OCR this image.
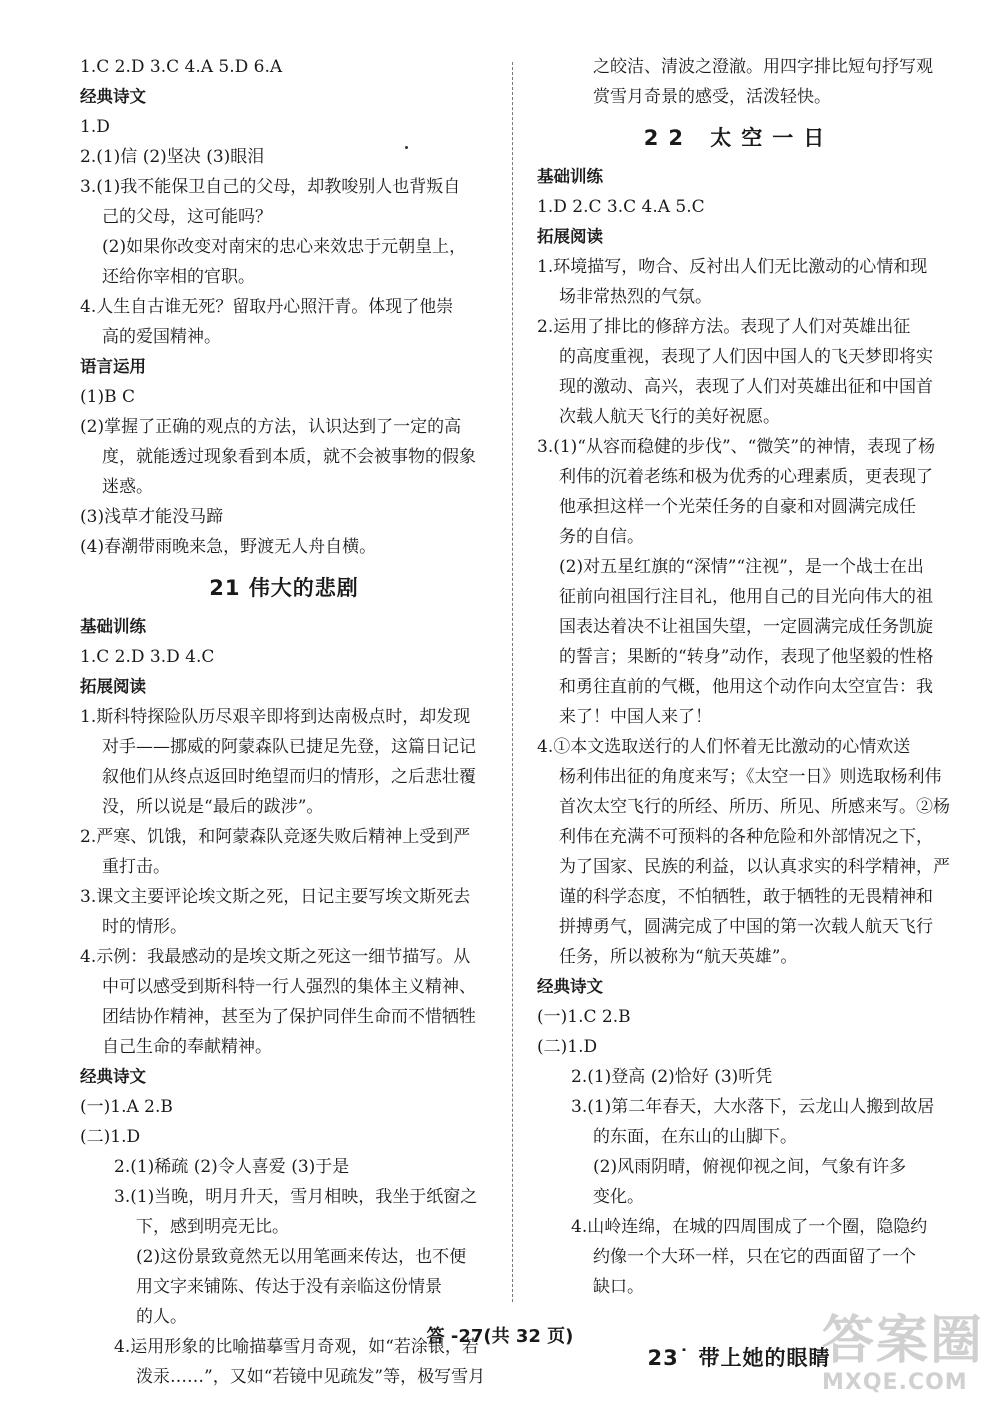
1.C 2.D 3.C 4.A 5.D 6.A
经典诗文
1.D
2.(1)信 (2)坚决 (3)眼泪
3.(1)我不能保卫自己的父母，却教唆别人也背叛自
己的父母，这可能吗？
(2)如果你改变对南宋的忠心来效忠于元朝皇上，
还给你宰相的官职。
4.人生自古谁无死？留取丹心照汗青。体现了他崇
高的爱国精神。
语言运用
(1)B C
(2)掌握了正确的观点的方法，认识达到了一定的高
度，就能透过现象看到本质，就不会被事物的假象
迷惑。
(3)浅草才能没马蹄
(4)春潮带雨晚来急，野渡无人舟自横。
21 伟大的悲剧
基础训练
1.C 2.D 3.D 4.C
拓展阅读
1.斯科特探险队历尽艰辛即将到达南极点时，却发现
对手——挪威的阿蒙森队已捷足先登，这篇日记记
叙他们从终点返回时绝望而归的情形，之后悲壮覆
没，所以说是“最后的跋涉”。
2.严寒、饥饿，和阿蒙森队竞逐失败后精神上受到严
重打击。
3.课文主要评论埃文斯之死，日记主要写埃文斯死去
时的情形。
4.示例：我最感动的是埃文斯之死这一细节描写。从
中可以感受到斯科特一行人强烈的集体主义精神、
团结协作精神，甚至为了保护同伴生命而不惜牺牲
自己生命的奉献精神。
经典诗文
(一)1.A 2.B
(二)1.D
2.(1)稀疏 (2)令人喜爱 (3)于是
3.(1)当晚，明月升天，雪月相映，我坐于纸窗之
下，感到明亮无比。
(2)这份景致竟然无以用笔画来传达，也不便
用文字来铺陈、传达于没有亲临这份情景
的人。
4.运用形象的比喻描摹雪月奇观，如“若涂银，若
泼汞……”，又如“若镜中见疏发”等，极写雪月
之皎洁、清波之澄澈。用四字排比短句抒写观
赏雪月奇景的感受，活泼轻快。
22 太空一日
基础训练
1.D 2.C 3.C 4.A 5.C
拓展阅读
1.环境描写，吻合、反衬出人们无比激动的心情和现
场非常热烈的气氛。
2.运用了排比的修辞方法。表现了人们对英雄出征
的高度重视，表现了人们因中国人的飞天梦即将实
现的激动、高兴，表现了人们对英雄出征和中国首
次载人航天飞行的美好祝愿。
3.(1)“从容而稳健的步伐”、“微笑”的神情，表现了杨
利伟的沉着老练和极为优秀的心理素质，更表现了
他承担这样一个光荣任务的自豪和对圆满完成任
务的自信。
(2)对五星红旗的“深情”“注视”，是一个战士在出
征前向祖国行注目礼，他用自己的目光向伟大的祖
国表达着决不让祖国失望，一定圆满完成任务凯旋
的誓言；果断的“转身”动作，表现了他坚毅的性格
和勇往直前的气概，他用这个动作向太空宣告：我
来了！中国人来了！
4.①本文选取送行的人们怀着无比激动的心情欢送
杨利伟出征的角度来写；《太空一日》则选取杨利伟
首次太空飞行的所经、所历、所见、所感来写。②杨
利伟在充满不可预料的各种危险和外部情况之下，
为了国家、民族的利益，以认真求实的科学精神，严
谨的科学态度，不怕牺牲，敢于牺牲的无畏精神和
拼搏勇气，圆满完成了中国的第一次载人航天飞行
任务，所以被称为“航天英雄”。
经典诗文
(一)1.C 2.B
(二)1.D
2.(1)登高 (2)恰好 (3)听凭
3.(1)第二年春天，大水落下，云龙山人搬到故居
的东面，在东山的山脚下。
(2)风雨阴晴，俯视仰视之间，气象有许多
变化。
4.山岭连绵，在城的四周围成了一个圈，隐隐约
约像一个大环一样，只在它的西面留了一个
缺口。
23˙ 带上她的眼睛
答 -27(共 32 页)	答案圈
MXQE.COM
